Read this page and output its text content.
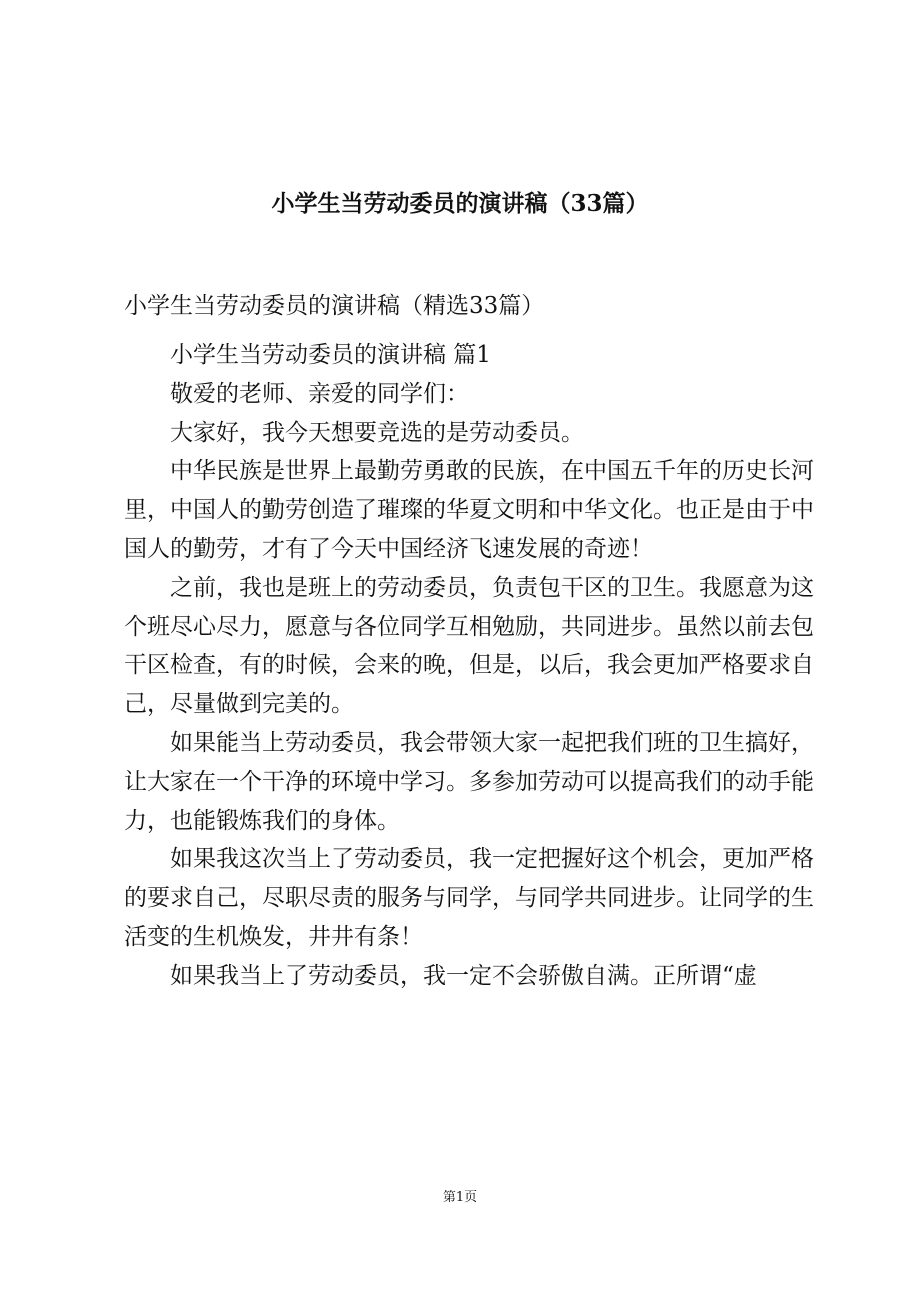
小学生当劳动委员的演讲稿（33篇）

小学生当劳动委员的演讲稿（精选33篇）

小学生当劳动委员的演讲稿 篇1

敬爱的老师、亲爱的同学们：

大家好，我今天想要竞选的是劳动委员。

中华民族是世界上最勤劳勇敢的民族，在中国五千年的历史长河里，中国人的勤劳创造了璀璨的华夏文明和中华文化。也正是由于中国人的勤劳，才有了今天中国经济飞速发展的奇迹！

之前，我也是班上的劳动委员，负责包干区的卫生。我愿意为这个班尽心尽力，愿意与各位同学互相勉励，共同进步。虽然以前去包干区检查，有的时候，会来的晚，但是，以后，我会更加严格要求自己，尽量做到完美的。

如果能当上劳动委员，我会带领大家一起把我们班的卫生搞好，让大家在一个干净的环境中学习。多参加劳动可以提高我们的动手能力，也能锻炼我们的身体。

如果我这次当上了劳动委员，我一定把握好这个机会，更加严格的要求自己，尽职尽责的服务与同学，与同学共同进步。让同学的生活变的生机焕发，井井有条！

如果我当上了劳动委员，我一定不会骄傲自满。正所谓“虚

第1页
